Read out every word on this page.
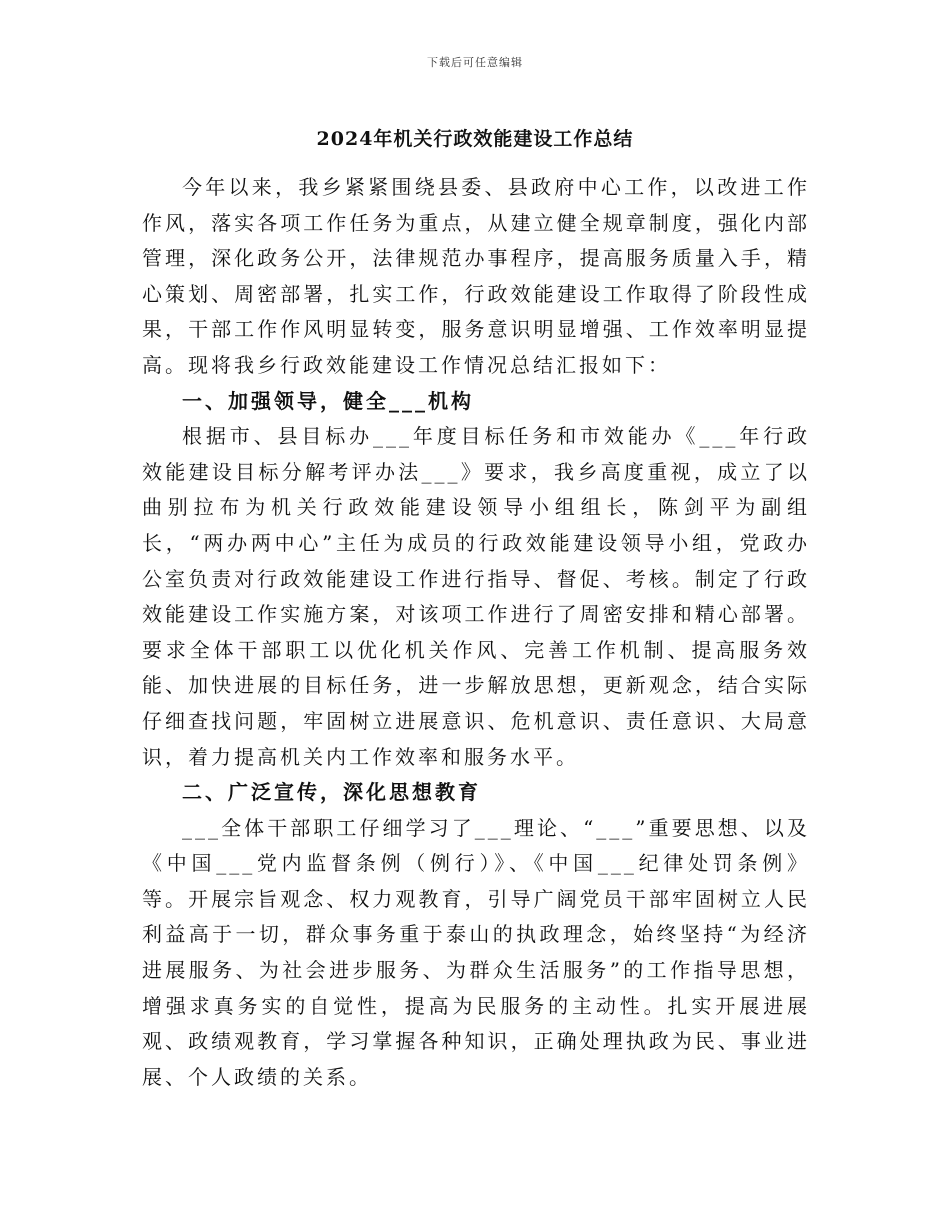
下载后可任意编辑
2024年机关行政效能建设工作总结

今年以来，我乡紧紧围绕县委、县政府中心工作，以改进工作作风，落实各项工作任务为重点，从建立健全规章制度，强化内部管理，深化政务公开，法律规范办事程序，提高服务质量入手，精心策划、周密部署，扎实工作，行政效能建设工作取得了阶段性成果，干部工作作风明显转变，服务意识明显增强、工作效率明显提高。现将我乡行政效能建设工作情况总结汇报如下：

一、加强领导，健全___机构

根据市、县目标办___年度目标任务和市效能办《___年行政效能建设目标分解考评办法___》要求，我乡高度重视，成立了以曲别拉布为机关行政效能建设领导小组组长，陈剑平为副组长，“两办两中心”主任为成员的行政效能建设领导小组，党政办公室负责对行政效能建设工作进行指导、督促、考核。制定了行政效能建设工作实施方案，对该项工作进行了周密安排和精心部署。要求全体干部职工以优化机关作风、完善工作机制、提高服务效能、加快进展的目标任务，进一步解放思想，更新观念，结合实际仔细查找问题，牢固树立进展意识、危机意识、责任意识、大局意识，着力提高机关内工作效率和服务水平。

二、广泛宣传，深化思想教育

___全体干部职工仔细学习了___理论、“___”重要思想、以及《中国___党内监督条例（例行）》、《中国___纪律处罚条例》等。开展宗旨观念、权力观教育，引导广阔党员干部牢固树立人民利益高于一切，群众事务重于泰山的执政理念，始终坚持“为经济进展服务、为社会进步服务、为群众生活服务”的工作指导思想，增强求真务实的自觉性，提高为民服务的主动性。扎实开展进展观、政绩观教育，学习掌握各种知识，正确处理执政为民、事业进展、个人政绩的关系。
